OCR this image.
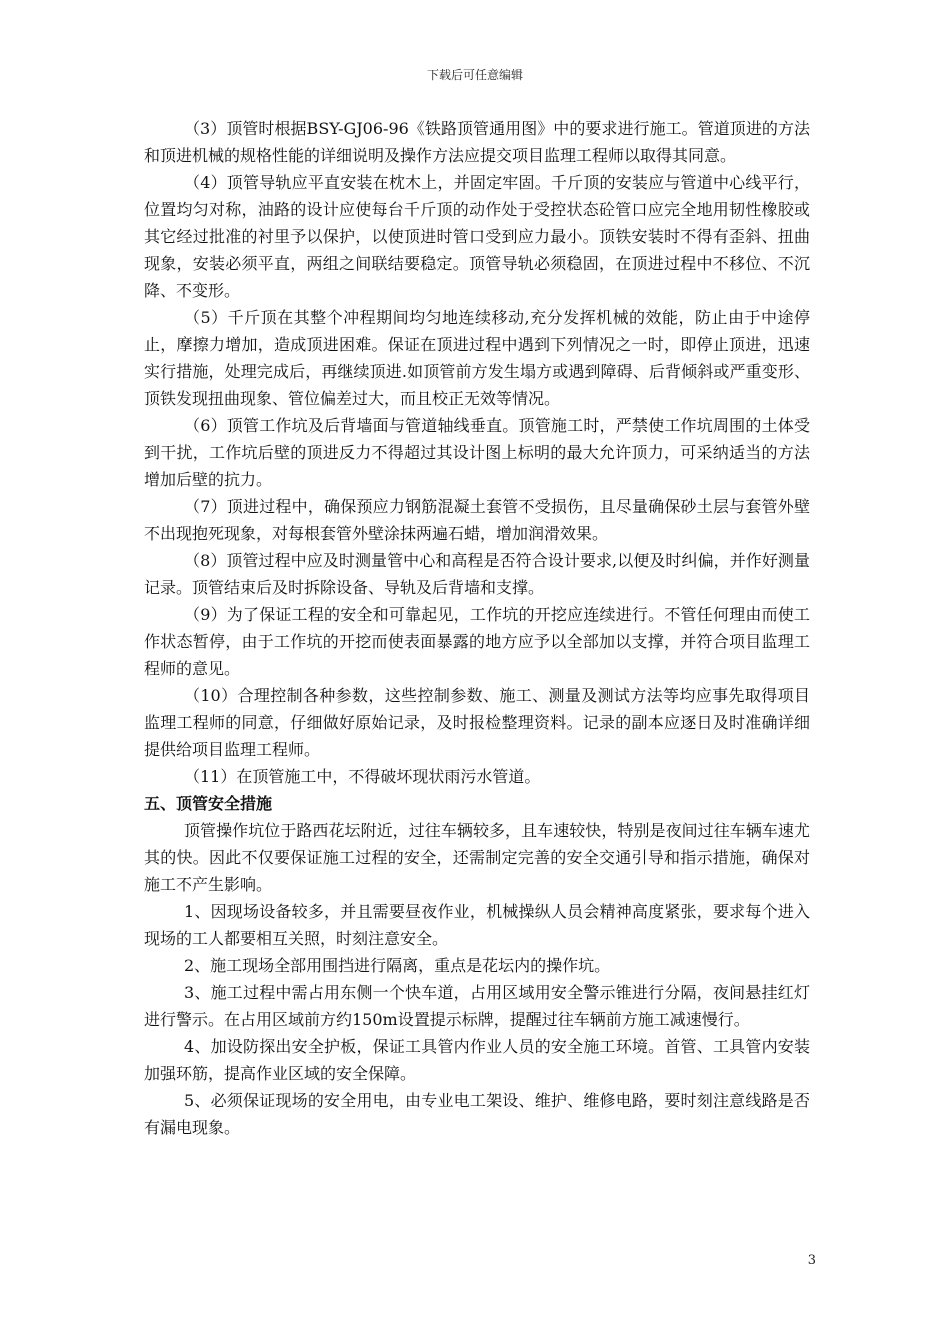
下载后可任意编辑

（3）顶管时根据BSY-GJ06-96《铁路顶管通用图》中的要求进行施工。管道顶进的方法和顶进机械的规格性能的详细说明及操作方法应提交项目监理工程师以取得其同意。

（4）顶管导轨应平直安装在枕木上，并固定牢固。千斤顶的安装应与管道中心线平行，位置均匀对称，油路的设计应使每台千斤顶的动作处于受控状态砼管口应完全地用韧性橡胶或其它经过批准的衬里予以保护，以使顶进时管口受到应力最小。顶铁安装时不得有歪斜、扭曲现象，安装必须平直，两组之间联结要稳定。顶管导轨必须稳固，在顶进过程中不移位、不沉降、不变形。

（5）千斤顶在其整个冲程期间均匀地连续移动,充分发挥机械的效能，防止由于中途停止，摩擦力增加，造成顶进困难。保证在顶进过程中遇到下列情况之一时，即停止顶进，迅速实行措施，处理完成后，再继续顶进.如顶管前方发生塌方或遇到障碍、后背倾斜或严重变形、顶铁发现扭曲现象、管位偏差过大，而且校正无效等情况。

（6）顶管工作坑及后背墙面与管道轴线垂直。顶管施工时，严禁使工作坑周围的土体受到干扰，工作坑后壁的顶进反力不得超过其设计图上标明的最大允许顶力，可采纳适当的方法增加后壁的抗力。

（7）顶进过程中，确保预应力钢筋混凝土套管不受损伤，且尽量确保砂土层与套管外壁不出现抱死现象，对每根套管外壁涂抹两遍石蜡，增加润滑效果。

（8）顶管过程中应及时测量管中心和高程是否符合设计要求,以便及时纠偏，并作好测量记录。顶管结束后及时拆除设备、导轨及后背墙和支撑。

（9）为了保证工程的安全和可靠起见，工作坑的开挖应连续进行。不管任何理由而使工作状态暂停，由于工作坑的开挖而使表面暴露的地方应予以全部加以支撑，并符合项目监理工程师的意见。

（10）合理控制各种参数，这些控制参数、施工、测量及测试方法等均应事先取得项目监理工程师的同意，仔细做好原始记录，及时报检整理资料。记录的副本应逐日及时准确详细提供给项目监理工程师。

（11）在顶管施工中，不得破坏现状雨污水管道。

五、顶管安全措施

顶管操作坑位于路西花坛附近，过往车辆较多，且车速较快，特别是夜间过往车辆车速尤其的快。因此不仅要保证施工过程的安全，还需制定完善的安全交通引导和指示措施，确保对施工不产生影响。

1、因现场设备较多，并且需要昼夜作业，机械操纵人员会精神高度紧张，要求每个进入现场的工人都要相互关照，时刻注意安全。

2、施工现场全部用围挡进行隔离，重点是花坛内的操作坑。

3、施工过程中需占用东侧一个快车道，占用区域用安全警示锥进行分隔，夜间悬挂红灯进行警示。在占用区域前方约150m设置提示标牌，提醒过往车辆前方施工减速慢行。

4、加设防探出安全护板，保证工具管内作业人员的安全施工环境。首管、工具管内安装加强环筋，提高作业区域的安全保障。

5、必须保证现场的安全用电，由专业电工架设、维护、维修电路，要时刻注意线路是否有漏电现象。

3
